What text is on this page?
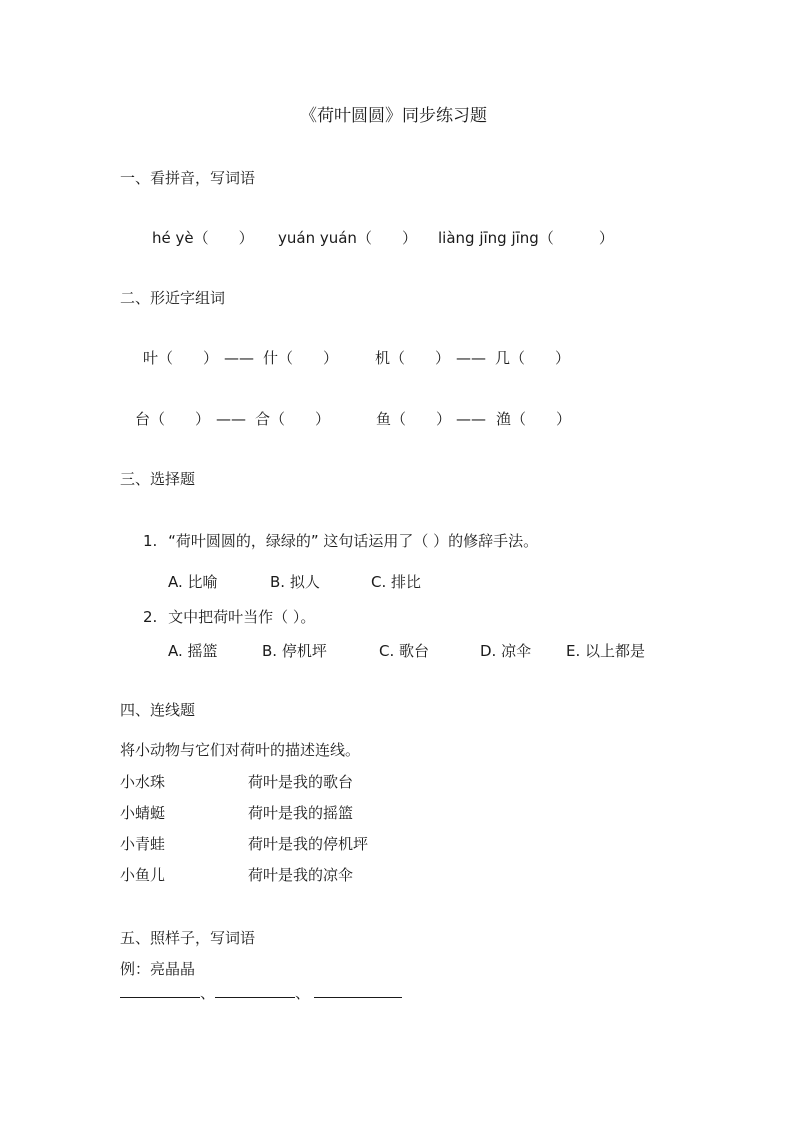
《荷叶圆圆》同步练习题
一、看拼音，写词语
hé yè（　　） yuán yuán（　　） liàng jīng jīng（　　　）
二、形近字组词
叶（　　） —— 什（　　） 机（　　） —— 几（　　）
台（　　） —— 合（　　）	鱼（　　） —— 渔（　　）
三、选择题
1. “荷叶圆圆的，绿绿的” 这句话运用了（ ）的修辞手法。
A. 比喻	B. 拟人	C. 排比
2. 文中把荷叶当作（ ）。
A. 摇篮	B. 停机坪	C. 歌台	D. 凉伞 E. 以上都是
四、连线题
将小动物与它们对荷叶的描述连线。
小水珠	荷叶是我的歌台
小蜻蜓	荷叶是我的摇篮
小青蛙	荷叶是我的停机坪
小鱼儿	荷叶是我的凉伞
五、照样子，写词语
例：亮晶晶
、	、
